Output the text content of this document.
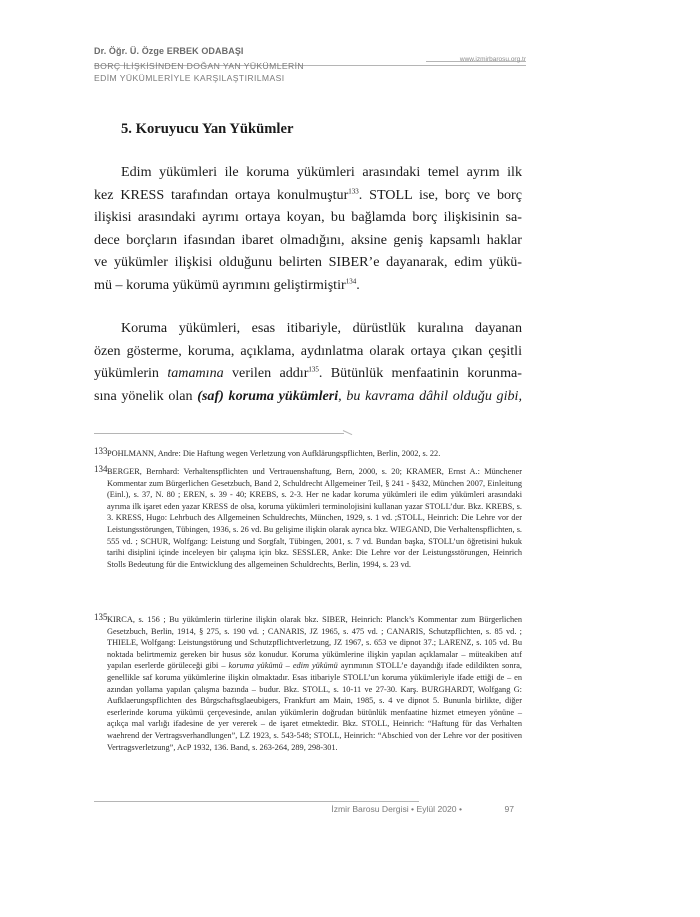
Dr. Öğr. Ü. Özge ERBEK ODABAŞI
www.izmirbarosu.org.tr
BORÇ İLİŞKİSİNDEN DOĞAN YAN YÜKÜMLERİN
EDİM YÜKÜMLERİYLE KARŞILAŞTIRILMASI
5. Koruyucu Yan Yükümler
Edim yükümleri ile koruma yükümleri arasındaki temel ayrım ilk
kez KRESS tarafından ortaya konulmuştur$^{133}$. STOLL ise, borç ve borç
ilişkisi arasındaki ayrımı ortaya koyan, bu bağlamda borç ilişkisinin sa-
dece borçların ifasından ibaret olmadığını, aksine geniş kapsamlı haklar
ve yükümler ilişkisi olduğunu belirten SIBER’e dayanarak, edim yükü-
mü – koruma yükümü ayrımını geliştirmiştir$^{134}$.
Koruma yükümleri, esas itibariyle, dürüstlük kuralına dayanan
özen gösterme, koruma, açıklama, aydınlatma olarak ortaya çıkan çeşitli
yükümlerin tamamına verilen addır$^{135}$. Bütünlük menfaatinin korunma-
sına yönelik olan (saf) koruma yükümleri, bu kavrama dâhil olduğu gibi,
133 POHLMANN, Andre: Die Haftung wegen Verletzung von Aufklärungspflichten, Berlin, 2002, s. 22.
134 BERGER, Bernhard: Verhaltenspflichten und Vertrauenshaftung, Bern, 2000, s. 20; KRAMER, Ernst A.: Münchener Kommentar zum Bürgerlichen Gesetzbuch, Band 2, Schuldrecht Allgemeiner Teil, § 241 - §432, München 2007, Einleitung (Einl.), s. 37, N. 80 ; EREN, s. 39 - 40; KREBS, s. 2-3. Her ne kadar koruma yükümleri ile edim yükümleri arasındaki ayrıma ilk işaret eden yazar KRESS de olsa, koruma yükümleri terminolojisini kullanan yazar STOLL’dur. Bkz. KREBS, s. 3. KRESS, Hugo: Lehrbuch des Allgemeinen Schuldrechts, München, 1929, s. 1 vd. ;STOLL, Heinrich: Die Lehre vor der Leistungsstörungen, Tübingen, 1936, s. 26 vd. Bu gelişime ilişkin olarak ayrıca bkz. WIEGAND, Die Verhaltenspflichten, s. 555 vd. ; SCHUR, Wolfgang: Leistung und Sorgfalt, Tübingen, 2001, s. 7 vd. Bundan başka, STOLL’un öğretisini hukuk tarihi disiplini içinde inceleyen bir çalışma için bkz. SESSLER, Anke: Die Lehre vor der Leistungsstörungen, Heinrich Stolls Bedeutung für die Entwicklung des allgemeinen Schuldrechts, Berlin, 1994, s. 23 vd.
135 KIRCA, s. 156 ; Bu yükümlerin türlerine ilişkin olarak bkz. SIBER, Heinrich: Planck’s Kommentar zum Bürgerlichen Gesetzbuch, Berlin, 1914, § 275, s. 190 vd. ; CANARIS, JZ 1965, s. 475 vd. ; CANARIS, Schutzpflichten, s. 85 vd. ; THIELE, Wolfgang: Leistungstörung und Schutzpflichtverletzung, JZ 1967, s. 653 ve dipnot 37.; LARENZ, s. 105 vd. Bu noktada belirtmemiz gereken bir husus söz konudur. Koruma yükümlerine ilişkin yapılan açıklamalar – müteakiben atıf yapılan eserlerde görüleceği gibi – koruma yükümü – edim yükümü ayrımının STOLL’e dayandığı ifade edildikten sonra, genellikle saf koruma yükümlerine ilişkin olmaktadır. Esas itibariyle STOLL’un koruma yükümleriyle ifade ettiği de – en azından yollama yapılan çalışma bazında – budur. Bkz. STOLL, s. 10-11 ve 27-30. Karş. BURGHARDT, Wolfgang G: Aufklaerungspflichten des Bürgschaftsglaeubigers, Frankfurt am Main, 1985, s. 4 ve dipnot 5. Bununla birlikte, diğer eserlerinde koruma yükümü çerçevesinde, anılan yükümlerin doğrudan bütünlük menfaatine hizmet etmeyen yönüne – açıkça mal varlığı ifadesine de yer vererek – de işaret etmektedir. Bkz. STOLL, Heinrich: “Haftung für das Verhalten waehrend der Vertragsverhandlungen”, LZ 1923, s. 543-548; STOLL, Heinrich: “Abschied von der Lehre vor der positiven Vertragsverletzung”, AcP 1932, 136. Band, s. 263-264, 289, 298-301.
İzmir Barosu Dergisi • Eylül 2020 •	97
